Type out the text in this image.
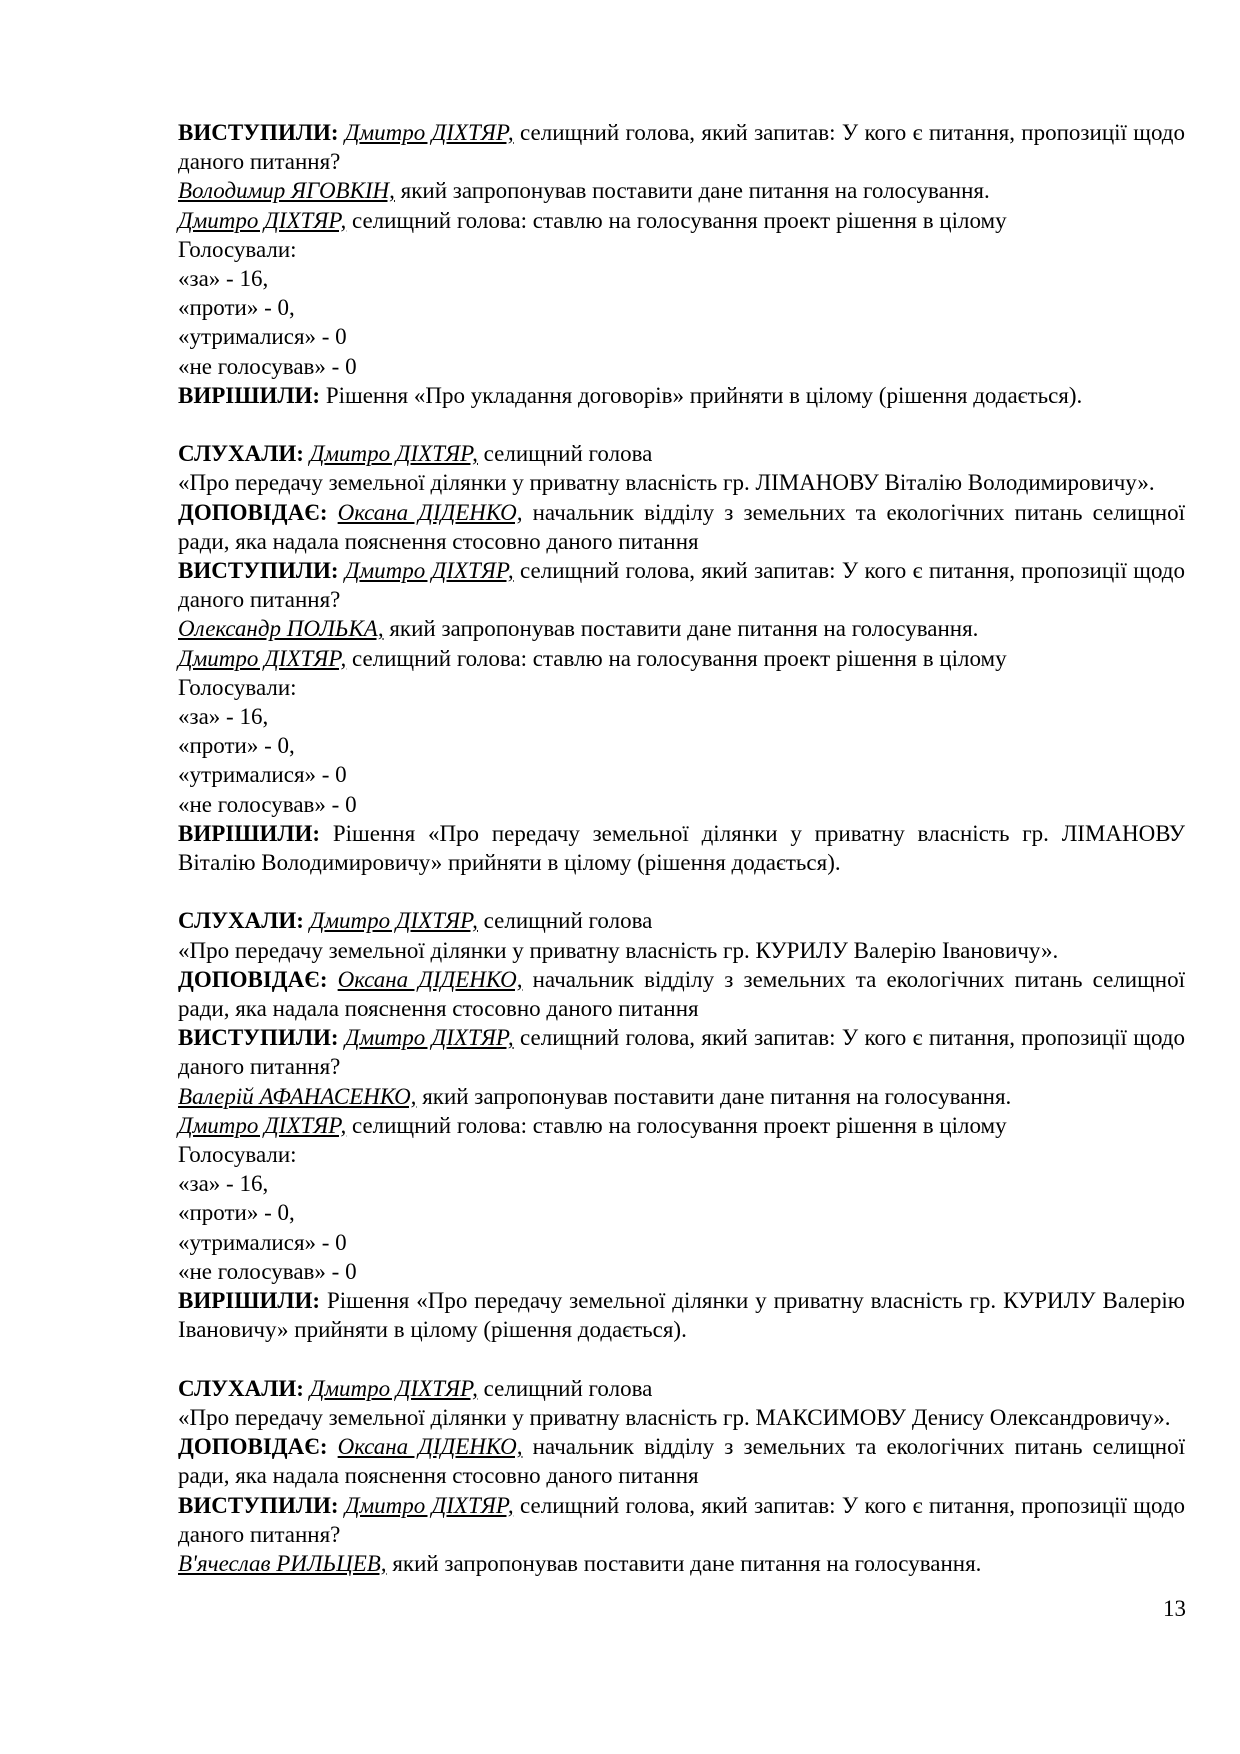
ВИСТУПИЛИ: Дмитро ДІХТЯР, селищний голова, який запитав: У кого є питання, пропозиції щодо даного питання?

Володимир ЯГОВКІН, який запропонував поставити дане питання на голосування.

Дмитро ДІХТЯР, селищний голова: ставлю на голосування проект рішення в цілому

Голосували:

«за» - 16,

«проти» - 0,

«утрималися» - 0

«не голосував» - 0

ВИРІШИЛИ: Рішення «Про укладання договорів» прийняти в цілому (рішення додається).

СЛУХАЛИ: Дмитро ДІХТЯР, селищний голова

«Про передачу земельної ділянки у приватну власність гр. ЛІМАНОВУ Віталію Володимировичу».

ДОПОВІДАЄ: Оксана ДІДЕНКО, начальник відділу з земельних та екологічних питань селищної ради, яка надала пояснення стосовно даного питання

ВИСТУПИЛИ: Дмитро ДІХТЯР, селищний голова, який запитав: У кого є питання, пропозиції щодо даного питання?

Олександр ПОЛЬКА, який запропонував поставити дане питання на голосування.

Дмитро ДІХТЯР, селищний голова: ставлю на голосування проект рішення в цілому

Голосували:

«за» - 16,

«проти» - 0,

«утрималися» - 0

«не голосував» - 0

ВИРІШИЛИ: Рішення «Про передачу земельної ділянки у приватну власність гр. ЛІМАНОВУ Віталію Володимировичу» прийняти в цілому (рішення додається).

СЛУХАЛИ: Дмитро ДІХТЯР, селищний голова

«Про передачу земельної ділянки у приватну власність гр. КУРИЛУ Валерію Івановичу».

ДОПОВІДАЄ: Оксана ДІДЕНКО, начальник відділу з земельних та екологічних питань селищної ради, яка надала пояснення стосовно даного питання

ВИСТУПИЛИ: Дмитро ДІХТЯР, селищний голова, який запитав: У кого є питання, пропозиції щодо даного питання?

Валерій АФАНАСЕНКО, який запропонував поставити дане питання на голосування.

Дмитро ДІХТЯР, селищний голова: ставлю на голосування проект рішення в цілому

Голосували:

«за» - 16,

«проти» - 0,

«утрималися» - 0

«не голосував» - 0

ВИРІШИЛИ: Рішення «Про передачу земельної ділянки у приватну власність гр. КУРИЛУ Валерію Івановичу» прийняти в цілому (рішення додається).

СЛУХАЛИ: Дмитро ДІХТЯР, селищний голова

«Про передачу земельної ділянки у приватну власність гр. МАКСИМОВУ Денису Олександровичу».

ДОПОВІДАЄ: Оксана ДІДЕНКО, начальник відділу з земельних та екологічних питань селищної ради, яка надала пояснення стосовно даного питання

ВИСТУПИЛИ: Дмитро ДІХТЯР, селищний голова, який запитав: У кого є питання, пропозиції щодо даного питання?

В'ячеслав РИЛЬЦЕВ, який запропонував поставити дане питання на голосування.

13
